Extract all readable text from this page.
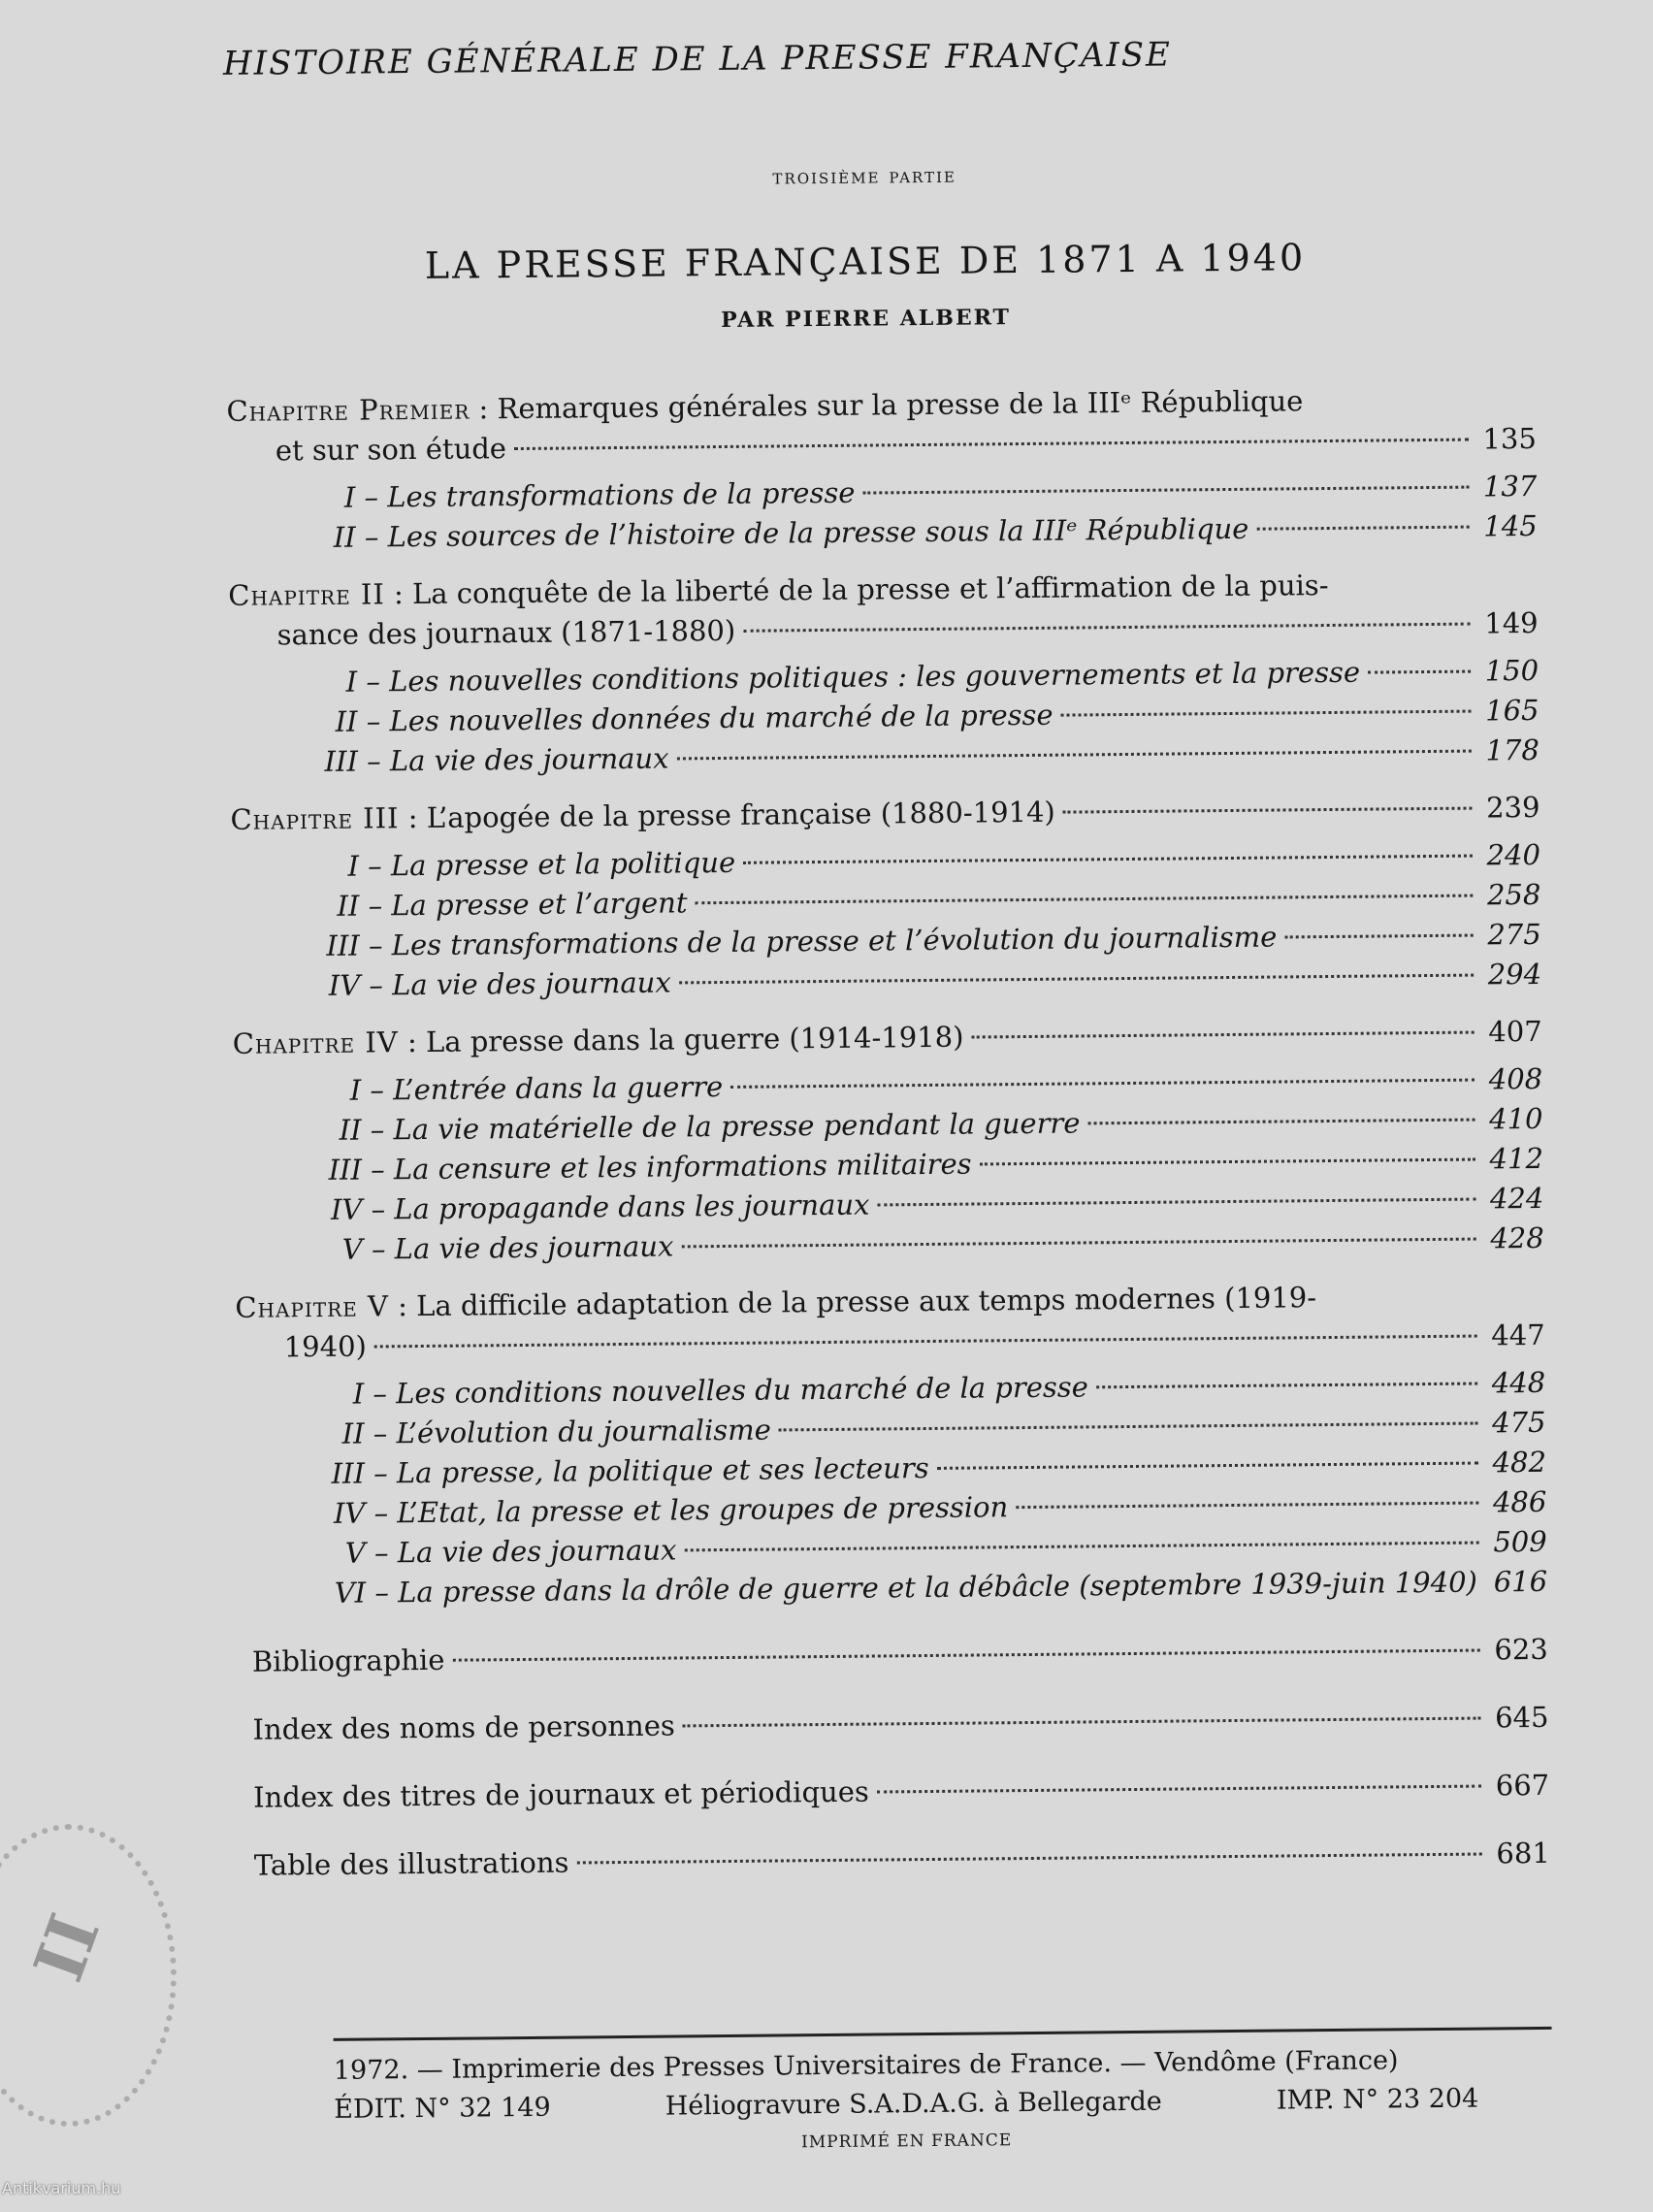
HISTOIRE GÉNÉRALE DE LA PRESSE FRANÇAISE
troisième partie
LA PRESSE FRANÇAISE DE 1871 A 1940
PAR PIERRE ALBERT
Chapitre Premier : Remarques générales sur la presse de la IIIᵉ République
et sur son étude	135
I – Les transformations de la presse	137
II – Les sources de l’histoire de la presse sous la IIIᵉ République	145
Chapitre II : La conquête de la liberté de la presse et l’affirmation de la puis-
sance des journaux (1871-1880)	149
I – Les nouvelles conditions politiques : les gouvernements et la presse	150
II – Les nouvelles données du marché de la presse	165
III – La vie des journaux	178
Chapitre III : L’apogée de la presse française (1880-1914)	239
I – La presse et la politique	240
II – La presse et l’argent	258
III – Les transformations de la presse et l’évolution du journalisme	275
IV – La vie des journaux	294
Chapitre IV : La presse dans la guerre (1914-1918)	407
I – L’entrée dans la guerre	408
II – La vie matérielle de la presse pendant la guerre	410
III – La censure et les informations militaires	412
IV – La propagande dans les journaux	424
V – La vie des journaux	428
Chapitre V : La difficile adaptation de la presse aux temps modernes (1919-
1940)	447
I – Les conditions nouvelles du marché de la presse	448
II – L’évolution du journalisme	475
III – La presse, la politique et ses lecteurs	482
IV – L’Etat, la presse et les groupes de pression	486
V – La vie des journaux	509
VI – La presse dans la drôle de guerre et la débâcle (septembre 1939-juin 1940) 616
Bibliographie	623
Index des noms de personnes	645
Index des titres de journaux et périodiques	667
Table des illustrations	681
1972. — Imprimerie des Presses Universitaires de France. — Vendôme (France)
ÉDIT. N° 32 149	Héliogravure S.A.D.A.G. à Bellegarde	IMP. N° 23 204
IMPRIMÉ EN FRANCE
II
Antikvarium.hu
